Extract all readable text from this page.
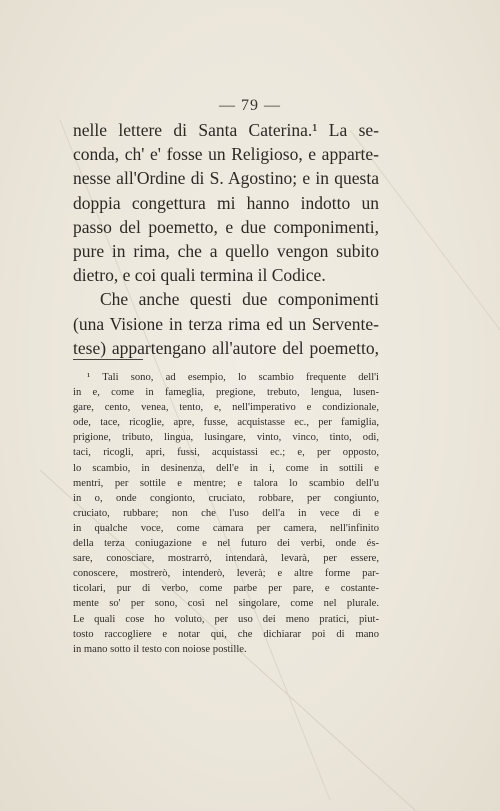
— 79 —

nelle lettere di Santa Caterina.¹ La se-
conda, ch' e' fosse un Religioso, e apparte-
nesse all'Ordine di S. Agostino; e in questa
doppia congettura mi hanno indotto un
passo del poemetto, e due componimenti,
pure in rima, che a quello vengon subito
dietro, e coi quali termina il Codice.

Che anche questi due componimenti
(una Visione in terza rima ed un Servente-
tese) appartengano all'autore del poemetto,

¹ Tali sono, ad esempio, lo scambio frequente dell'i
in e, come in fameglia, pregione, trebuto, lengua, lusen-
gare, cento, venea, tento, e, nell'imperativo e condizionale,
ode, tace, ricoglie, apre, fusse, acquistasse ec., per famiglia,
prigione, tributo, lingua, lusingare, vinto, vinco, tinto, odi,
taci, ricogli, apri, fussi, acquistassi ec.; e, per opposto,
lo scambio, in desinenza, dell'e in i, come in sottili e
mentri, per sottile e mentre; e talora lo scambio dell'u
in o, onde congionto, cruciato, robbare, per congiunto,
cruciato, rubbare; non che l'uso dell'a in vece di e
in qualche voce, come camara per camera, nell'infinito
della terza coniugazione e nel futuro dei verbi, onde és-
sare, conosciare, mostrarrò, intendarà, levarà, per essere,
conoscere, mostrerò, intenderò, leverà; e altre forme par-
ticolari, pur di verbo, come parbe per pare, e costante-
mente so' per sono, così nel singolare, come nel plurale.
Le quali cose ho voluto, per uso dei meno pratici, piut-
tosto raccogliere e notar qui, che dichiarar poi di mano
in mano sotto il testo con noiose postille.
